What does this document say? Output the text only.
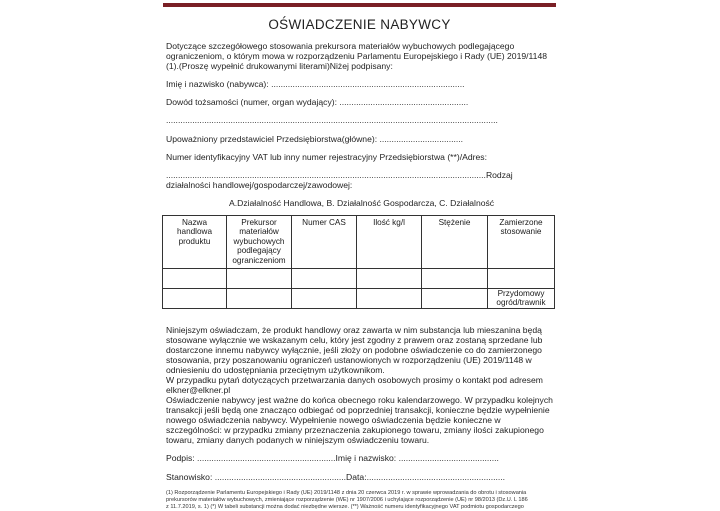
OŚWIADCZENIE NABYWCY
Dotyczące szczegółowego stosowania prekursora materiałów wybuchowych podlegającego
ograniczeniom, o którym mowa w rozporządzeniu Parlamentu Europejskiego i Rady (UE) 2019/1148
(1).(Proszę wypełnić drukowanymi literami)Niżej podpisany:
Imię i nazwisko (nabywca): .................................................................................
Dowód tożsamości (numer, organ wydający): ......................................................
...........................................................................................................................................
Upoważniony przedstawiciel Przedsiębiorstwa(główne): ...................................
Numer identyfikacyjny VAT lub inny numer rejestracyjny Przedsiębiorstwa (**)/Adres:
......................................................................................................................................Rodzaj
działalności handlowej/gospodarczej/zawodowej:
A.Działalność Handlowa, B. Działalność Gospodarcza, C. Działalność
Nazwa handlowa produktu	Prekursor materiałów wybuchowych podlegający ograniczeniom	Numer CAS	Ilość kg/l	Stężenie	Zamierzone stosowanie

					Przydomowy ogród/trawnik
Niniejszym oświadczam, że produkt handlowy oraz zawarta w nim substancja lub mieszanina będą
stosowane wyłącznie we wskazanym celu, który jest zgodny z prawem oraz zostaną sprzedane lub
dostarczone innemu nabywcy wyłącznie, jeśli złoży on podobne oświadczenie co do zamierzonego
stosowania, przy poszanowaniu ograniczeń ustanowionych w rozporządzeniu (UE) 2019/1148 w
odniesieniu do udostępniania przeciętnym użytkownikom.
W przypadku pytań dotyczących przetwarzania danych osobowych prosimy o kontakt pod adresem
elkner@elkner.pl
Oświadczenie nabywcy jest ważne do końca obecnego roku kalendarzowego. W przypadku kolejnych
transakcji jeśli będą one znacząco odbiegać od poprzedniej transakcji, konieczne będzie wypełnienie
nowego oświadczenia nabywcy. Wypełnienie nowego oświadczenia będzie konieczne w
szczególności: w przypadku zmiany przeznaczenia zakupionego towaru, zmiany ilości zakupionego
towaru, zmiany danych podanych w niniejszym oświadczeniu towaru.
Podpis: ..........................................................Imię i nazwisko: ..........................................
Stanowisko: .......................................................Data:..........................................................
(1) Rozporządzenie Parlamentu Europejskiego i Rady (UE) 2019/1148 z dnia 20 czerwca 2019 r. w sprawie wprowadzania do obrotu i stosowania
prekursorów materiałów wybuchowych, zmieniające rozporządzenie (WE) nr 1907/2006 i uchylające rozporządzenie (UE) nr 98/2013 (Dz.U. L 186
z 11.7.2019, s. 1) (*) W tabeli substancji można dodać niezbędne wiersze. (**) Ważność numeru identyfikacyjnego VAT podmiotu gospodarczego
